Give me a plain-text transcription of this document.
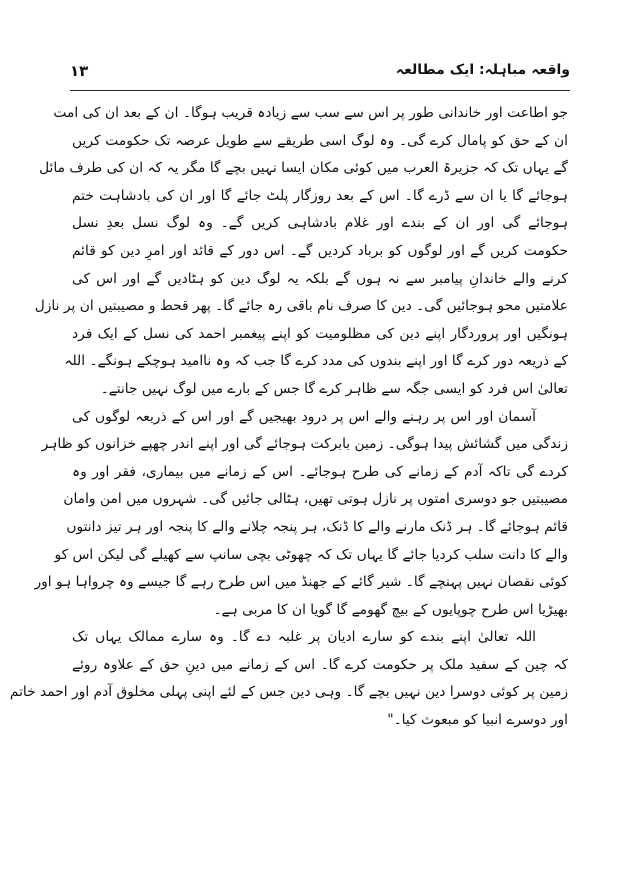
۱۳	واقعہ مباہلہ: ایک مطالعہ
جو اطاعت اور خاندانی طور پر اس سے سب سے زیادہ قریب ہوگا۔ ان کے بعد ان کی امت
ان کے حق کو پامال کرے گی۔ وہ لوگ اسی طریقے سے طویل عرصہ تک حکومت کریں
گے یہاں تک کہ جزیرۃ العرب میں کوئی مکان ایسا نہیں بچے گا مگر یہ کہ ان کی طرف مائل
ہوجائے گا یا ان سے ڈرے گا۔ اس کے بعد روزگار پلٹ جائے گا اور ان کی بادشاہت ختم
ہوجائے گی اور ان کے بندے اور غلام بادشاہی کریں گے۔ وہ لوگ نسل بعدِ نسل
حکومت کریں گے اور لوگوں کو برباد کردیں گے۔ اس دور کے قائد اور امرِ دین کو قائم
کرنے والے خاندانِ پیامبر سے نہ ہوں گے بلکہ یہ لوگ دین کو ہٹادیں گے اور اس کی
علامتیں محو ہوجائیں گی۔ دین کا صرف نام باقی رہ جائے گا۔ پھر قحط و مصیبتیں ان پر نازل
ہونگیں اور پروردگار اپنے دین کی مظلومیت کو اپنے پیغمبر احمد کی نسل کے ایک فرد
کے ذریعہ دور کرے گا اور اپنے بندوں کی مدد کرے گا جب کہ وہ ناامید ہوچکے ہونگے۔ اللہ
تعالیٰ اس فرد کو ایسی جگہ سے ظاہر کرے گا جس کے بارے میں لوگ نہیں جانتے۔
آسمان اور اس پر رہنے والے اس پر درود بھیجیں گے اور اس کے ذریعہ لوگوں کی
زندگی میں گشائش پیدا ہوگی۔ زمین بابرکت ہوجائے گی اور اپنے اندر چھپے خزانوں کو ظاہر
کردے گی تاکہ آدم کے زمانے کی طرح ہوجائے۔ اس کے زمانے میں بیماری، فقر اور وہ
مصیبتیں جو دوسری امتوں پر نازل ہوتی تھیں، ہٹالی جائیں گی۔ شہروں میں امن وامان
قائم ہوجائے گا۔ ہر ڈنک مارنے والے کا ڈنک، ہر پنجہ چلانے والے کا پنجہ اور ہر تیز دانتوں
والے کا دانت سلب کردیا جائے گا یہاں تک کہ چھوٹی بچی سانپ سے کھیلے گی لیکن اس کو
کوئی نقصان نہیں پہنچے گا۔ شیر گائے کے جھنڈ میں اس طرح رہے گا جیسے وہ چرواہا ہو اور
بھیڑیا اس طرح چوپایوں کے بیچ گھومے گا گویا ان کا مربی ہے۔
اللہ تعالیٰ اپنے بندے کو سارے ادیان پر غلبہ دے گا۔ وہ سارے ممالک یہاں تک
کہ چین کے سفید ملک پر حکومت کرے گا۔ اس کے زمانے میں دینِ حق کے علاوہ روئے
زمین پر کوئی دوسرا دین نہیں بچے گا۔ وہی دین جس کے لئے اپنی پہلی مخلوق آدم اور احمد خاتم
اور دوسرے انبیا کو مبعوث کیا۔"
